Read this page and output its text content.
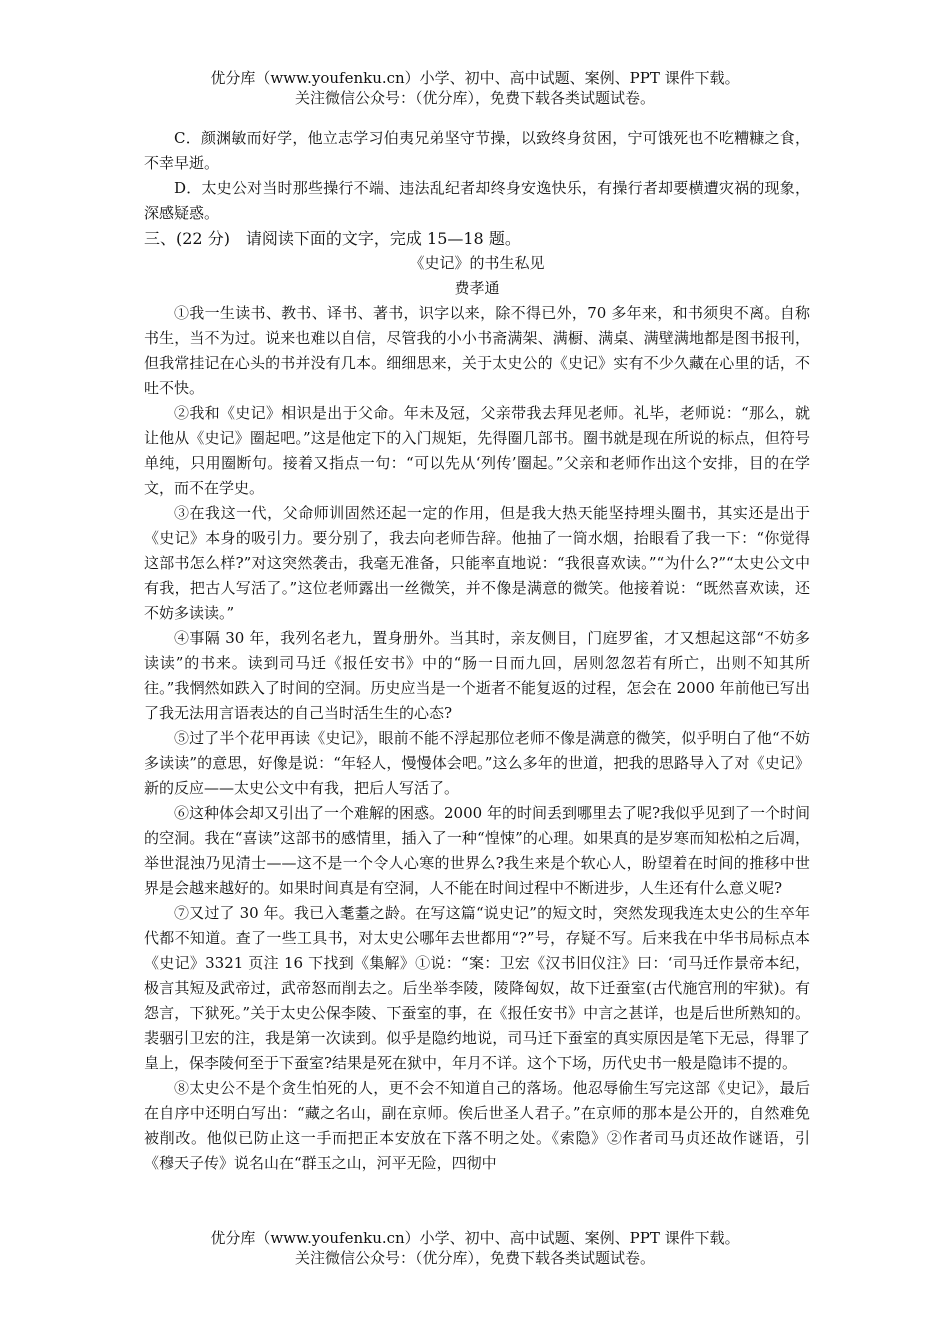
优分库（www.youfenku.cn）小学、初中、高中试题、案例、PPT 课件下载。
关注微信公众号：（优分库），免费下载各类试题试卷。

C．颜渊敏而好学，他立志学习伯夷兄弟坚守节操，以致终身贫困，宁可饿死也不吃糟糠之食，不幸早逝。

D．太史公对当时那些操行不端、违法乱纪者却终身安逸快乐，有操行者却要横遭灾祸的现象，深感疑惑。

三、(22 分)　请阅读下面的文字，完成 15—18 题。

《史记》的书生私见

费孝通

①我一生读书、教书、译书、著书，识字以来，除不得已外，70 多年来，和书须臾不离。自称书生，当不为过。说来也难以自信，尽管我的小小书斋满架、满橱、满桌、满壁满地都是图书报刊，但我常挂记在心头的书并没有几本。细细思来，关于太史公的《史记》实有不少久藏在心里的话，不吐不快。

②我和《史记》相识是出于父命。年未及冠，父亲带我去拜见老师。礼毕，老师说：“那么，就让他从《史记》圈起吧。”这是他定下的入门规矩，先得圈几部书。圈书就是现在所说的标点，但符号单纯，只用圈断句。接着又指点一句：“可以先从‘列传’圈起。”父亲和老师作出这个安排，目的在学文，而不在学史。

③在我这一代，父命师训固然还起一定的作用，但是我大热天能坚持埋头圈书，其实还是出于《史记》本身的吸引力。要分别了，我去向老师告辞。他抽了一筒水烟，抬眼看了我一下：“你觉得这部书怎么样?”对这突然袭击，我毫无准备，只能率直地说：“我很喜欢读。”“为什么?”“太史公文中有我，把古人写活了。”这位老师露出一丝微笑，并不像是满意的微笑。他接着说：“既然喜欢读，还不妨多读读。”

④事隔 30 年，我列名老九，置身册外。当其时，亲友侧目，门庭罗雀，才又想起这部“不妨多读读”的书来。读到司马迁《报任安书》中的“肠一日而九回，居则忽忽若有所亡，出则不知其所往。”我惘然如跌入了时间的空洞。历史应当是一个逝者不能复返的过程，怎会在 2000 年前他已写出了我无法用言语表达的自己当时活生生的心态?

⑤过了半个花甲再读《史记》，眼前不能不浮起那位老师不像是满意的微笑，似乎明白了他“不妨多读读”的意思，好像是说：“年轻人，慢慢体会吧。”这么多年的世道，把我的思路导入了对《史记》新的反应——太史公文中有我，把后人写活了。

⑥这种体会却又引出了一个难解的困惑。2000 年的时间丢到哪里去了呢?我似乎见到了一个时间的空洞。我在“喜读”这部书的感情里，插入了一种“惶悚”的心理。如果真的是岁寒而知松柏之后凋，举世混浊乃见清士——这不是一个令人心寒的世界么?我生来是个软心人，盼望着在时间的推移中世界是会越来越好的。如果时间真是有空洞，人不能在时间过程中不断进步，人生还有什么意义呢?

⑦又过了 30 年。我已入耄耋之龄。在写这篇“说史记”的短文时，突然发现我连太史公的生卒年代都不知道。查了一些工具书，对太史公哪年去世都用“?”号，存疑不写。后来我在中华书局标点本《史记》3321 页注 16 下找到《集解》①说：“案：卫宏《汉书旧仪注》曰：‘司马迁作景帝本纪，极言其短及武帝过，武帝怒而削去之。后坐举李陵，陵降匈奴，故下迁蚕室(古代施宫刑的牢狱)。有怨言，下狱死。”关于太史公保李陵、下蚕室的事，在《报任安书》中言之甚详，也是后世所熟知的。裴骃引卫宏的注，我是第一次读到。似乎是隐约地说，司马迁下蚕室的真实原因是笔下无忌，得罪了皇上，保李陵何至于下蚕室?结果是死在狱中，年月不详。这个下场，历代史书一般是隐讳不提的。

⑧太史公不是个贪生怕死的人，更不会不知道自己的落场。他忍辱偷生写完这部《史记》，最后在自序中还明白写出：“藏之名山，副在京师。俟后世圣人君子。”在京师的那本是公开的，自然难免被削改。他似已防止这一手而把正本安放在下落不明之处。《索隐》②作者司马贞还故作谜语，引《穆天子传》说名山在“群玉之山，河平无险，四彻中

优分库（www.youfenku.cn）小学、初中、高中试题、案例、PPT 课件下载。
关注微信公众号：（优分库），免费下载各类试题试卷。
